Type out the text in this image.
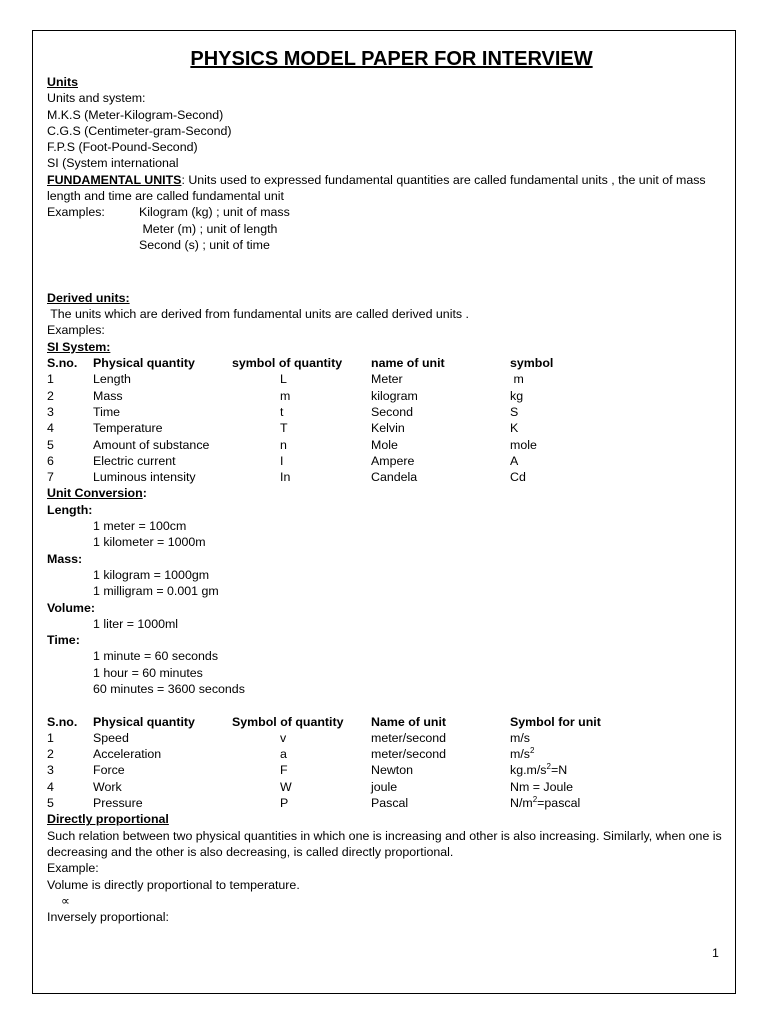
PHYSICS MODEL PAPER FOR INTERVIEW
Units
Units and system:
M.K.S (Meter-Kilogram-Second)
C.G.S (Centimeter-gram-Second)
F.P.S (Foot-Pound-Second)
SI (System international
FUNDAMENTAL UNITS: Units used to expressed fundamental quantities are called fundamental units , the unit of mass length and time are called fundamental unit
Examples:	Kilogram (kg) ; unit of mass
Meter (m) ; unit of length
Second (s) ; unit of time
Derived units:
The units which are derived from fundamental units are called derived units .
Examples:
SI System:
S.no.	Physical quantity	symbol of quantity	name of unit	symbol
1	Length	L	Meter	m
2	Mass	m	kilogram	kg
3	Time	t	Second	S
4	Temperature	T	Kelvin	K
5	Amount of substance	n	Mole	mole
6	Electric current	I	Ampere	A
7	Luminous intensity	In	Candela	Cd
Unit Conversion:
Length:
1 meter = 100cm
1 kilometer = 1000m
Mass:
1 kilogram = 1000gm
1 milligram = 0.001 gm
Volume:
1 liter = 1000ml
Time:
1 minute = 60 seconds
1 hour = 60 minutes
60 minutes = 3600 seconds
S.no.	Physical quantity	Symbol of quantity	Name of unit	Symbol for unit
1	Speed	v	meter/second	m/s
2	Acceleration	a	meter/second	$m/s^2$
3	Force	F	Newton	$kg.m/s^2=N$
4	Work	W	joule	Nm = Joule
5	Pressure	P	Pascal	$N/m^2=pascal$
Directly proportional
Such relation between two physical quantities in which one is increasing and other is also increasing. Similarly, when one is decreasing and the other is also decreasing, is called directly proportional.
Example:
Volume is directly proportional to temperature.
∝
Inversely proportional:
1
